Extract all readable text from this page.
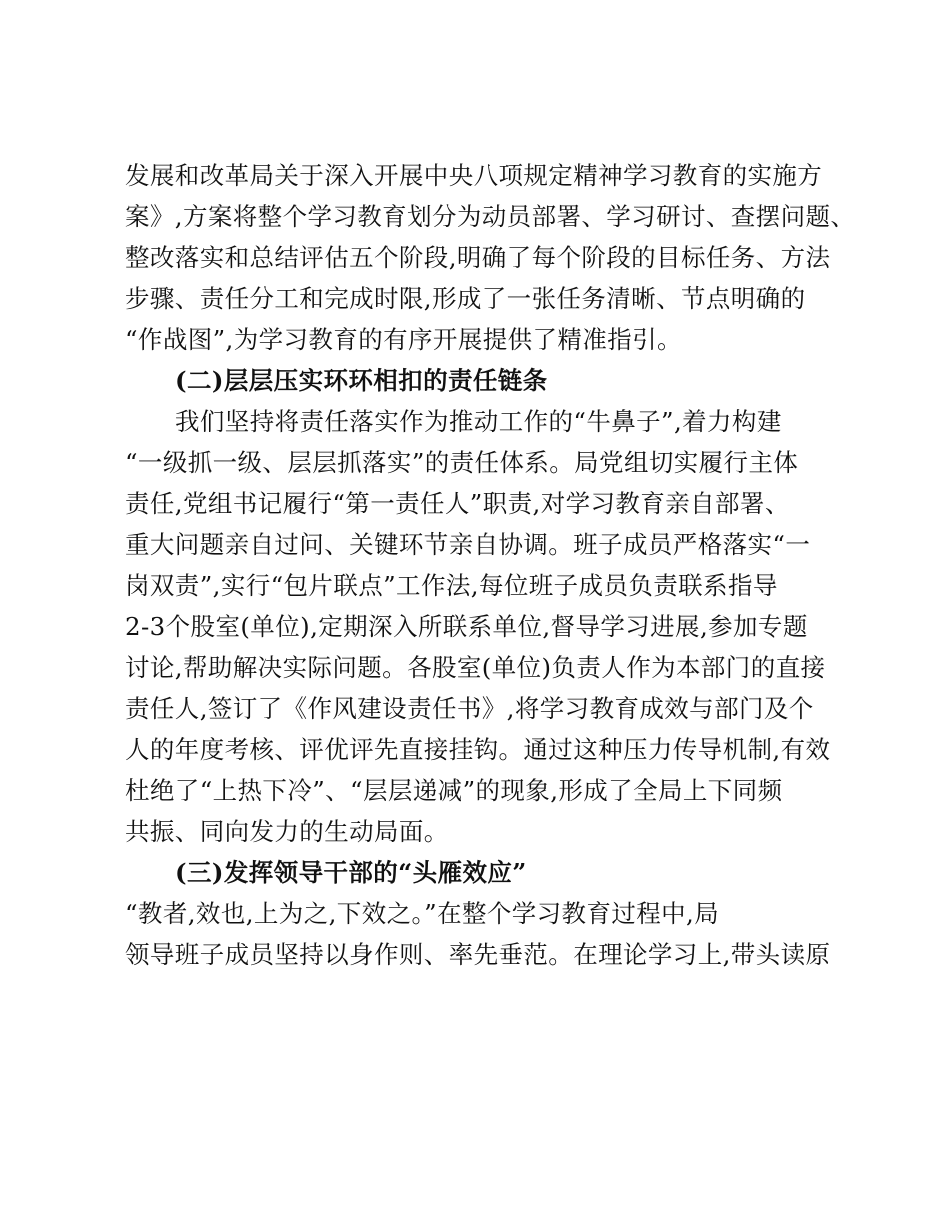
发展和改革局关于深入开展中央八项规定精神学习教育的实施方
案》,方案将整个学习教育划分为动员部署、学习研讨、查摆问题、
整改落实和总结评估五个阶段,明确了每个阶段的目标任务、方法
步骤、责任分工和完成时限,形成了一张任务清晰、节点明确的
“作战图”,为学习教育的有序开展提供了精准指引。
(二)层层压实环环相扣的责任链条
我们坚持将责任落实作为推动工作的“牛鼻子”,着力构建
“一级抓一级、层层抓落实”的责任体系。局党组切实履行主体
责任,党组书记履行“第一责任人”职责,对学习教育亲自部署、
重大问题亲自过问、关键环节亲自协调。班子成员严格落实“一
岗双责”,实行“包片联点”工作法,每位班子成员负责联系指导
2-3个股室(单位),定期深入所联系单位,督导学习进展,参加专题
讨论,帮助解决实际问题。各股室(单位)负责人作为本部门的直接
责任人,签订了《作风建设责任书》,将学习教育成效与部门及个
人的年度考核、评优评先直接挂钩。通过这种压力传导机制,有效
杜绝了“上热下冷”、“层层递减”的现象,形成了全局上下同频
共振、同向发力的生动局面。
(三)发挥领导干部的“头雁效应”
“教者,效也,上为之,下效之。”在整个学习教育过程中,局
领导班子成员坚持以身作则、率先垂范。在理论学习上,带头读原
